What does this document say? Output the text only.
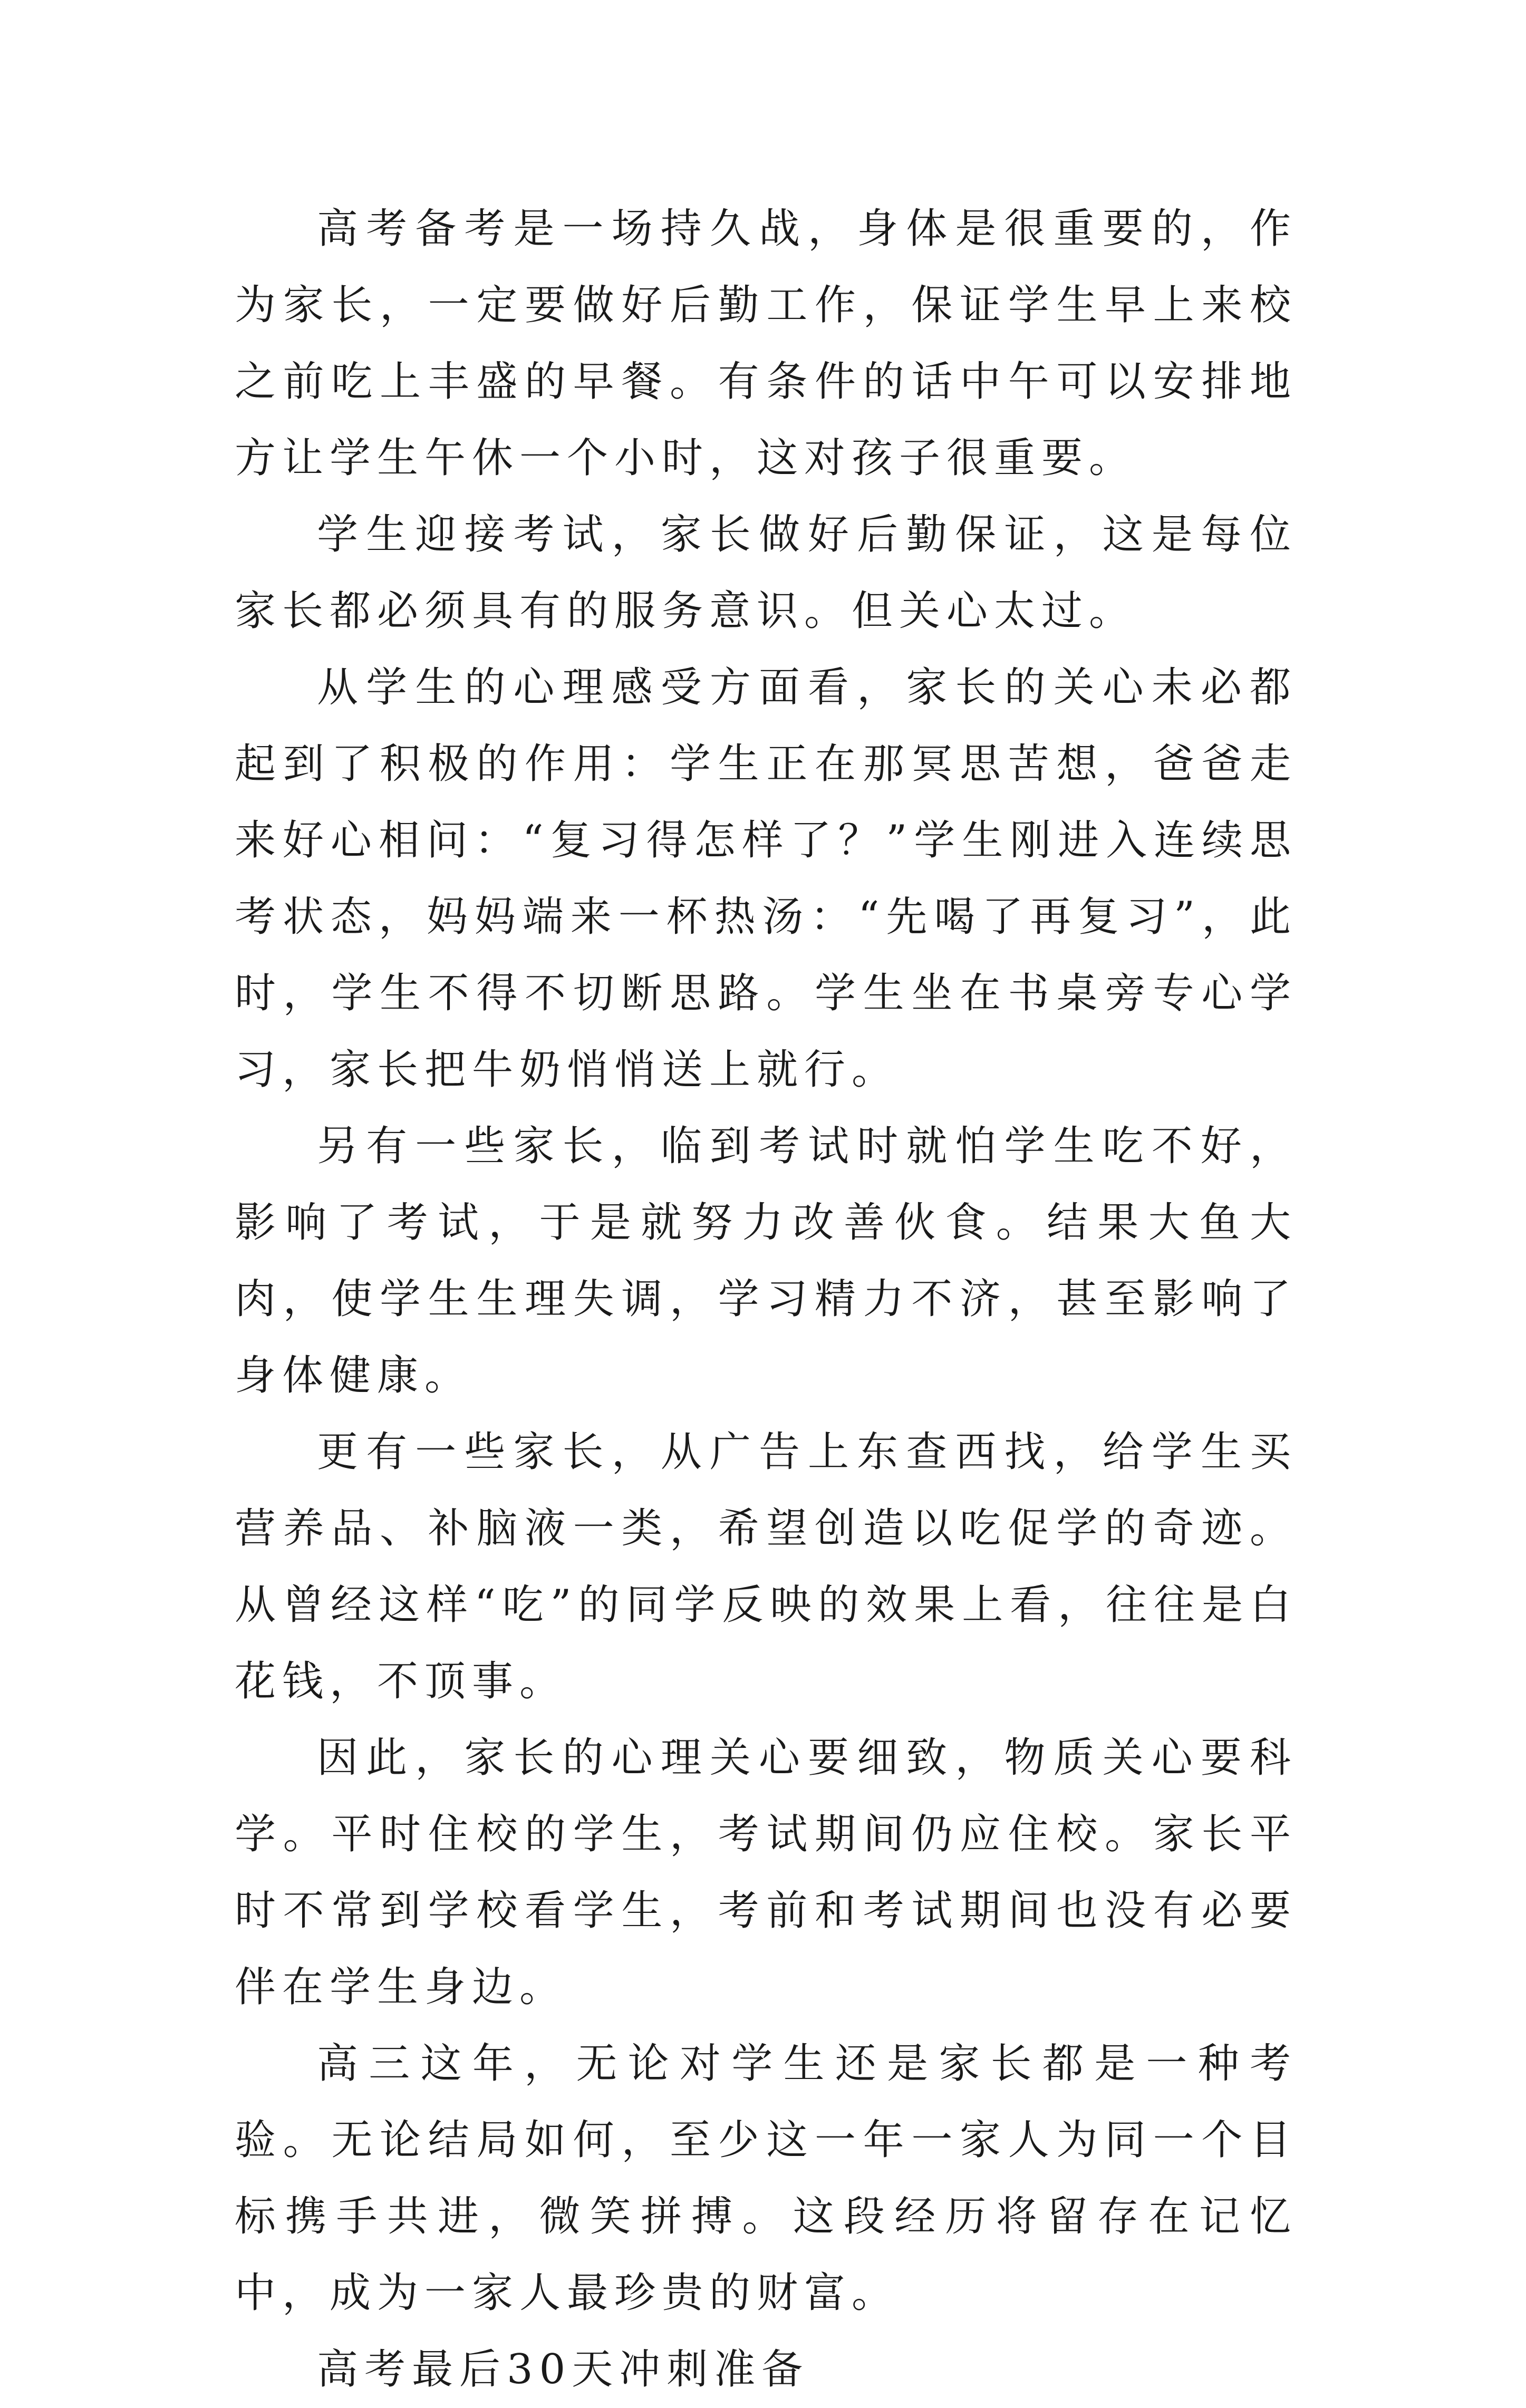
高考备考是一场持久战，身体是很重要的，作为家长，一定要做好后勤工作，保证学生早上来校之前吃上丰盛的早餐。有条件的话中午可以安排地方让学生午休一个小时，这对孩子很重要。

学生迎接考试，家长做好后勤保证，这是每位家长都必须具有的服务意识。但关心太过。

从学生的心理感受方面看，家长的关心未必都起到了积极的作用：学生正在那冥思苦想，爸爸走来好心相问：“复习得怎样了？”学生刚进入连续思考状态，妈妈端来一杯热汤：“先喝了再复习”，此时，学生不得不切断思路。学生坐在书桌旁专心学习，家长把牛奶悄悄送上就行。

另有一些家长，临到考试时就怕学生吃不好，影响了考试，于是就努力改善伙食。结果大鱼大肉，使学生生理失调，学习精力不济，甚至影响了身体健康。

更有一些家长，从广告上东查西找，给学生买营养品、补脑液一类，希望创造以吃促学的奇迹。从曾经这样“吃”的同学反映的效果上看，往往是白花钱，不顶事。

因此，家长的心理关心要细致，物质关心要科学。平时住校的学生，考试期间仍应住校。家长平时不常到学校看学生，考前和考试期间也没有必要伴在学生身边。

高三这年，无论对学生还是家长都是一种考验。无论结局如何，至少这一年一家人为同一个目标携手共进，微笑拼搏。这段经历将留存在记忆中，成为一家人最珍贵的财富。

高考最后30天冲刺准备
